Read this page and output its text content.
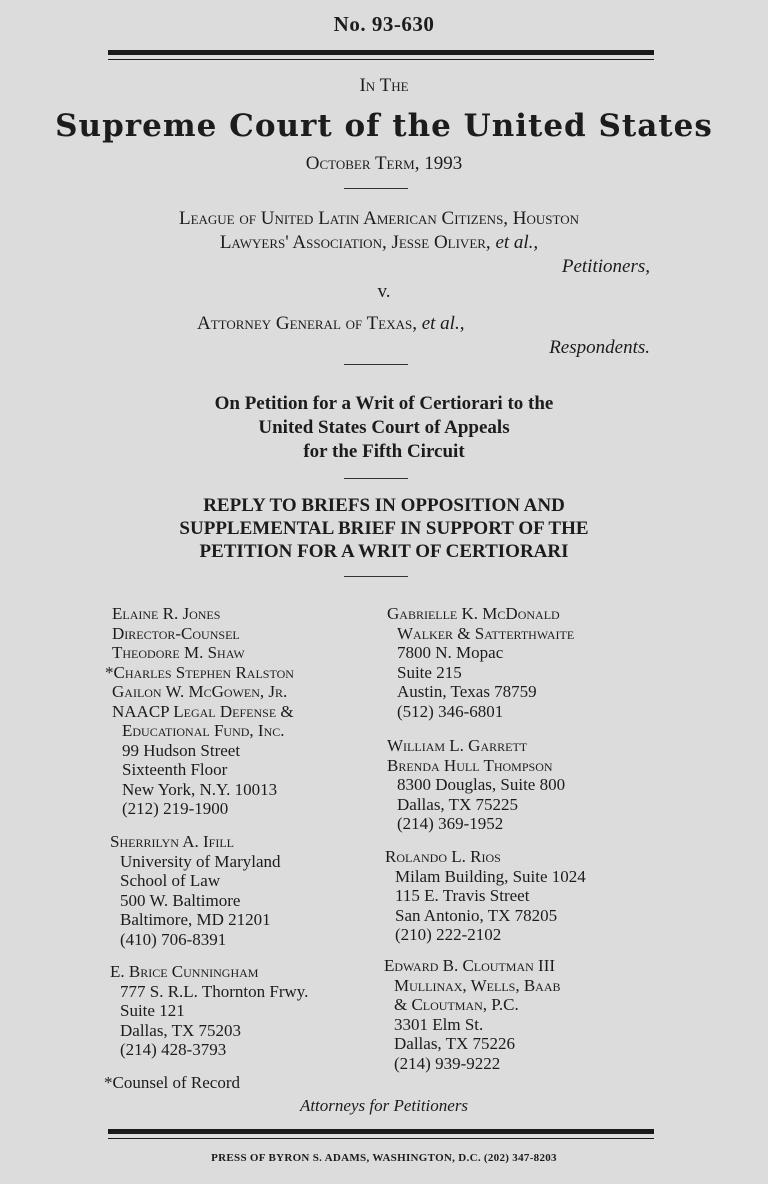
No. 93-630
In The
Supreme Court of the United States
October Term, 1993
League of United Latin American Citizens, Houston
Lawyers' Association, Jesse Oliver, et al.,
Petitioners,
v.
Attorney General of Texas, et al.,
Respondents.
On Petition for a Writ of Certiorari to the
United States Court of Appeals
for the Fifth Circuit
REPLY TO BRIEFS IN OPPOSITION AND
SUPPLEMENTAL BRIEF IN SUPPORT OF THE
PETITION FOR A WRIT OF CERTIORARI
Elaine R. Jones
Director-Counsel
Theodore M. Shaw
*Charles Stephen Ralston
Gailon W. McGowen, Jr.
NAACP Legal Defense &
Educational Fund, Inc.
99 Hudson Street
Sixteenth Floor
New York, N.Y. 10013
(212) 219-1900
Sherrilyn A. Ifill
University of Maryland
School of Law
500 W. Baltimore
Baltimore, MD 21201
(410) 706-8391
E. Brice Cunningham
777 S. R.L. Thornton Frwy.
Suite 121
Dallas, TX 75203
(214) 428-3793
Gabrielle K. McDonald
Walker & Satterthwaite
7800 N. Mopac
Suite 215
Austin, Texas 78759
(512) 346-6801
William L. Garrett
Brenda Hull Thompson
8300 Douglas, Suite 800
Dallas, TX 75225
(214) 369-1952
Rolando L. Rios
Milam Building, Suite 1024
115 E. Travis Street
San Antonio, TX 78205
(210) 222-2102
Edward B. Cloutman III
Mullinax, Wells, Baab
& Cloutman, P.C.
3301 Elm St.
Dallas, TX 75226
(214) 939-9222
*Counsel of Record
Attorneys for Petitioners
PRESS OF BYRON S. ADAMS, WASHINGTON, D.C. (202) 347-8203
